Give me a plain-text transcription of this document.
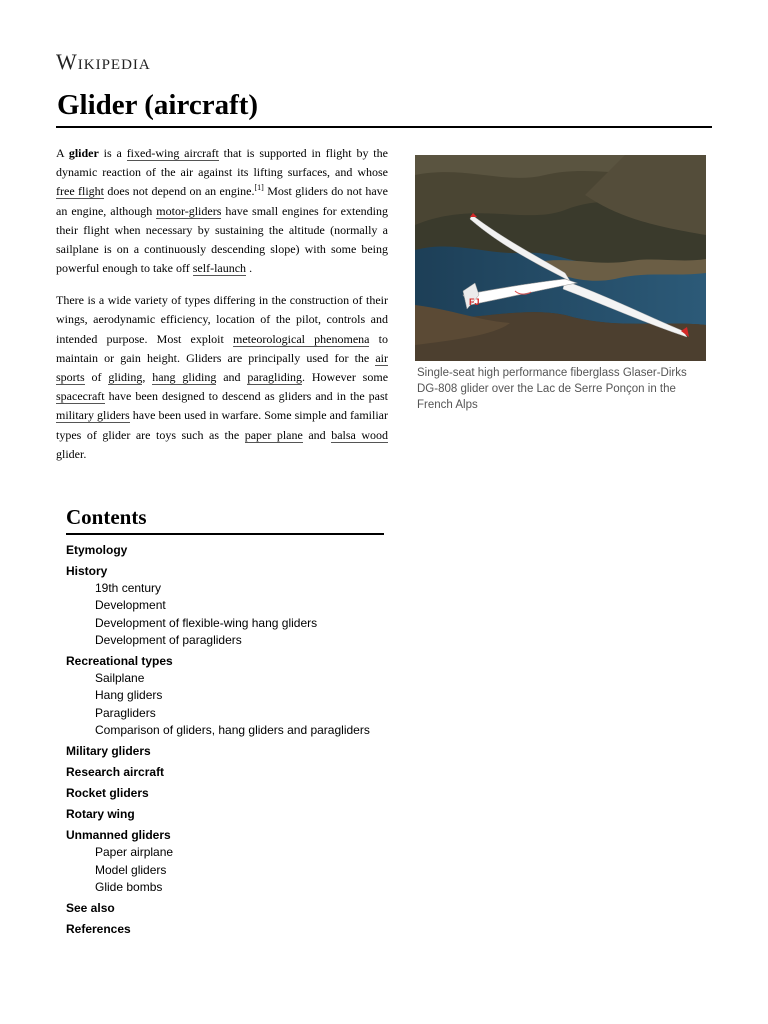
Wikipedia
Glider (aircraft)

A glider is a fixed-wing aircraft that is supported in flight by the dynamic reaction of the air against its lifting surfaces, and whose free flight does not depend on an engine.[1] Most gliders do not have an engine, although motor-gliders have small engines for extending their flight when necessary by sustaining the altitude (normally a sailplane is on a continuously descending slope) with some being powerful enough to take off self-launch .

There is a wide variety of types differing in the construction of their wings, aerodynamic efficiency, location of the pilot, controls and intended purpose. Most exploit meteorological phenomena to maintain or gain height. Gliders are principally used for the air sports of gliding, hang gliding and paragliding. However some spacecraft have been designed to descend as gliders and in the past military gliders have been used in warfare. Some simple and familiar types of glider are toys such as the paper plane and balsa wood glider.

FJ
Single-seat high performance fiberglass Glaser-Dirks DG-808 glider over the Lac de Serre Ponçon in the French Alps
Contents
Etymology
History
19th century
Development
Development of flexible-wing hang gliders
Development of paragliders
Recreational types
Sailplane
Hang gliders
Paragliders
Comparison of gliders, hang gliders and paragliders
Military gliders
Research aircraft
Rocket gliders
Rotary wing
Unmanned gliders
Paper airplane
Model gliders
Glide bombs
See also
References
